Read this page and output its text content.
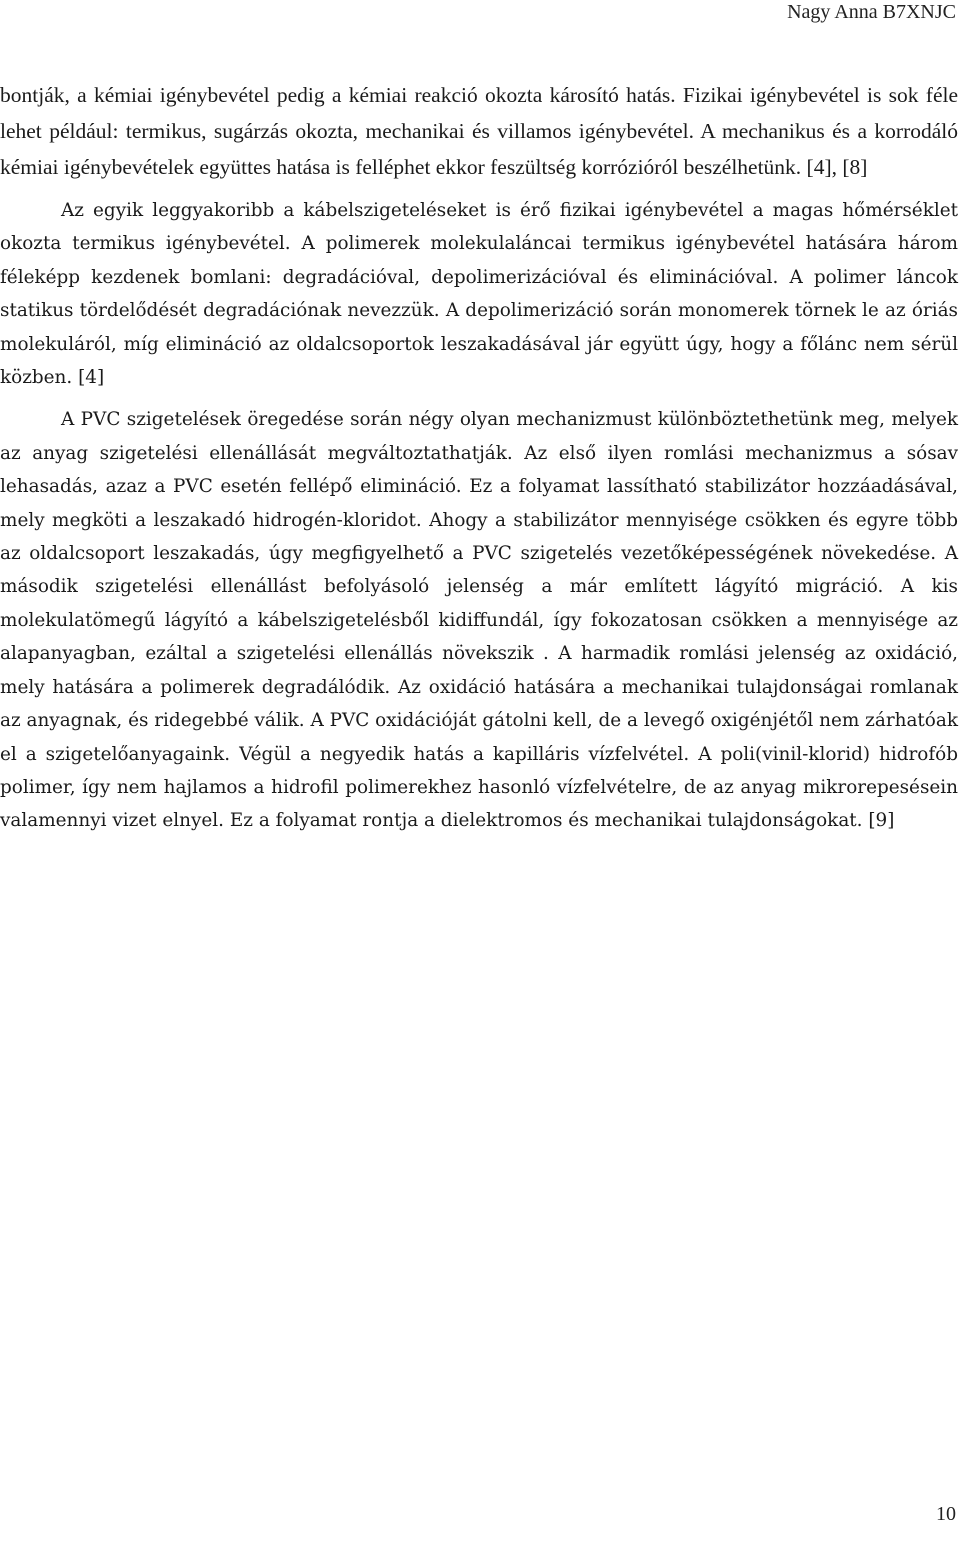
Nagy Anna B7XNJC

bontják, a kémiai igénybevétel pedig a kémiai reakció okozta károsító hatás. Fizikai igénybevétel is sok féle lehet például: termikus, sugárzás okozta, mechanikai és villamos igénybevétel. A mechanikus és a korrodáló kémiai igénybevételek együttes hatása is felléphet ekkor feszültség korrózióról beszélhetünk. [4], [8]

Az egyik leggyakoribb a kábelszigeteléseket is érő fizikai igénybevétel a magas hőmérséklet okozta termikus igénybevétel. A polimerek molekulaláncai termikus igénybevétel hatására három féleképp kezdenek bomlani: degradációval, depolimerizációval és eliminációval. A polimer láncok statikus tördelődését degradációnak nevezzük. A depolimerizáció során monomerek törnek le az óriás molekuláról, míg elimináció az oldalcsoportok leszakadásával jár együtt úgy, hogy a főlánc nem sérül közben. [4]

A PVC szigetelések öregedése során négy olyan mechanizmust különböztethetünk meg, melyek az anyag szigetelési ellenállását megváltoztathatják. Az első ilyen romlási mechanizmus a sósav lehasadás, azaz a PVC esetén fellépő elimináció. Ez a folyamat lassítható stabilizátor hozzáadásával, mely megköti a leszakadó hidrogén-kloridot. Ahogy a stabilizátor mennyisége csökken és egyre több az oldalcsoport leszakadás, úgy megfigyelhető a PVC szigetelés vezetőképességének növekedése. A második szigetelési ellenállást befolyásoló jelenség a már említett lágyító migráció. A kis molekulatömegű lágyító a kábelszigetelésből kidiffundál, így fokozatosan csökken a mennyisége az alapanyagban, ezáltal a szigetelési ellenállás növekszik . A harmadik romlási jelenség az oxidáció, mely hatására a polimerek degradálódik. Az oxidáció hatására a mechanikai tulajdonságai romlanak az anyagnak, és ridegebbé válik. A PVC oxidációját gátolni kell, de a levegő oxigénjétől nem zárhatóak el a szigetelőanyagaink. Végül a negyedik hatás a kapilláris vízfelvétel. A poli(vinil-klorid) hidrofób polimer, így nem hajlamos a hidrofil polimerekhez hasonló vízfelvételre, de az anyag mikrorepesésein valamennyi vizet elnyel. Ez a folyamat rontja a dielektromos és mechanikai tulajdonságokat. [9]

10
